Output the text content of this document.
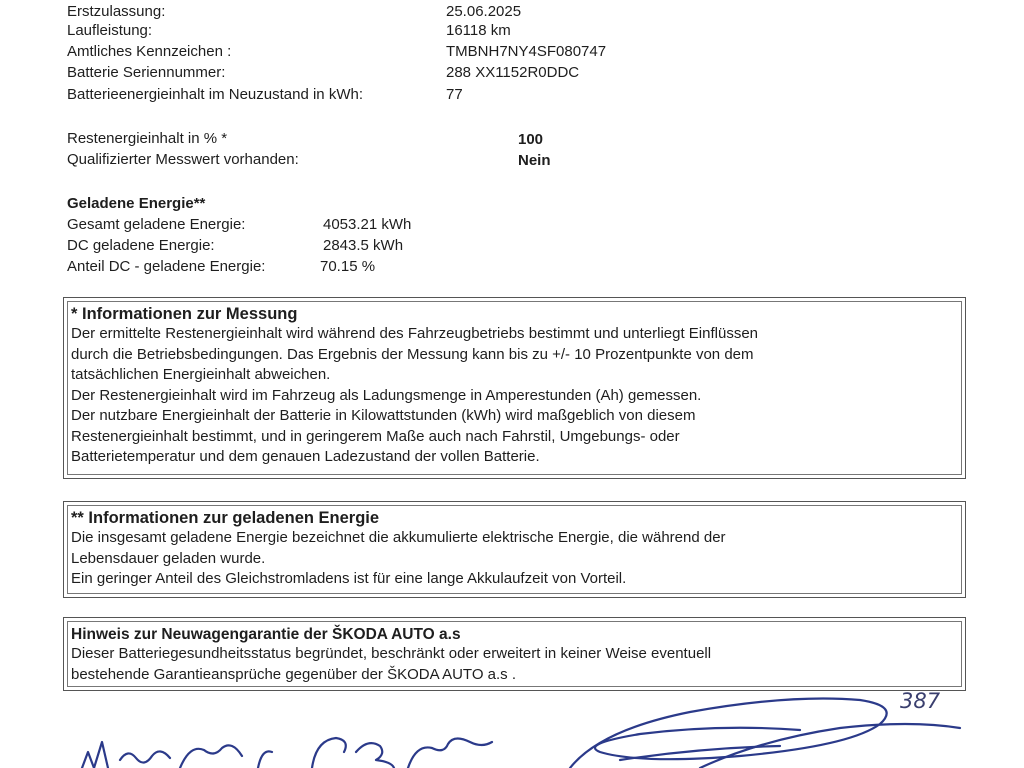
Erstzulassung:	25.06.2025
Laufleistung:	16118 km
Amtliches Kennzeichen :	TMBNH7NY4SF080747
Batterie Seriennummer:	288 XX1152R0DDC
Batterieenergieinhalt im Neuzustand in kWh:	77
Restenergieinhalt in % *	100
Qualifizierter Messwert vorhanden:	Nein
Geladene Energie**
Gesamt geladene Energie:	4053.21 kWh
DC geladene Energie:	2843.5 kWh
Anteil DC - geladene Energie:	70.15 %
* Informationen zur Messung
Der ermittelte Restenergieinhalt wird während des Fahrzeugbetriebs bestimmt und unterliegt Einflüssen
durch die Betriebsbedingungen. Das Ergebnis der Messung kann bis zu +/- 10 Prozentpunkte von dem
tatsächlichen Energieinhalt abweichen.
Der Restenergieinhalt wird im Fahrzeug als Ladungsmenge in Amperestunden (Ah) gemessen.
Der nutzbare Energieinhalt der Batterie in Kilowattstunden (kWh) wird maßgeblich von diesem
Restenergieinhalt bestimmt, und in geringerem Maße auch nach Fahrstil, Umgebungs- oder
Batterietemperatur und dem genauen Ladezustand der vollen Batterie.
** Informationen zur geladenen Energie
Die insgesamt geladene Energie bezeichnet die akkumulierte elektrische Energie, die während der
Lebensdauer geladen wurde.
Ein geringer Anteil des Gleichstromladens ist für eine lange Akkulaufzeit von Vorteil.
Hinweis zur Neuwagengarantie der ŠKODA AUTO a.s
Dieser Batteriegesundheitsstatus begründet, beschränkt oder erweitert in keiner Weise eventuell
bestehende Garantieansprüche gegenüber der ŠKODA AUTO a.s .
387
